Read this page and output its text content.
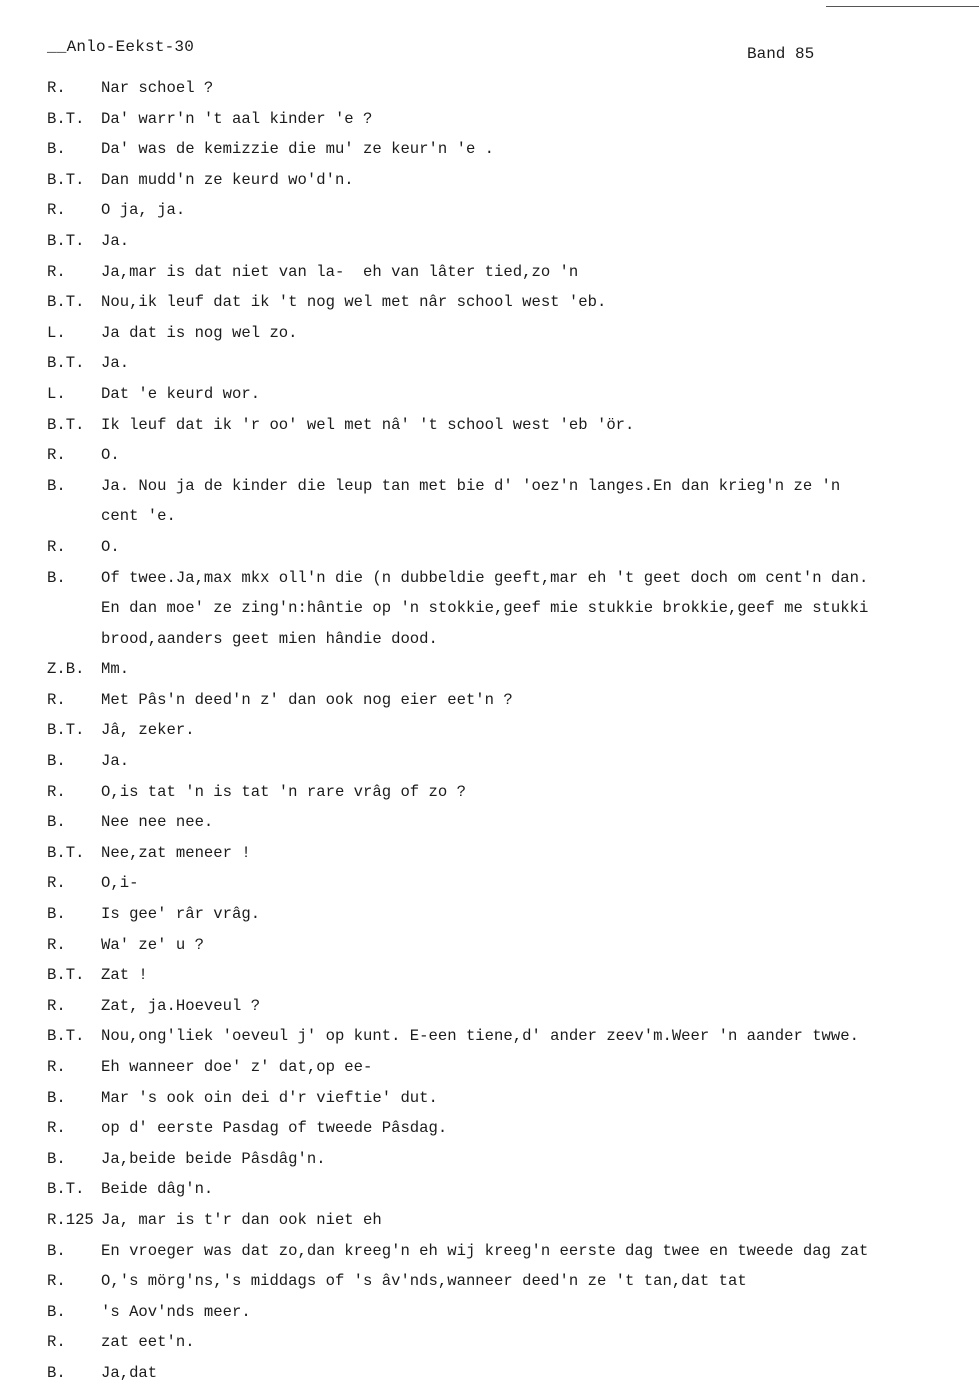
__Anlo-Eekst-30	Band 85
R. Nar schoel ?
B.T. Da' warr'n 't aal kinder 'e ?
B. Da' was de kemizzie die mu' ze keur'n 'e .
B.T. Dan mudd'n ze keurd wo'd'n.
R. O ja, ja.
B.T. Ja.
R. Ja,mar is dat niet van la-  eh van lâter tied,zo 'n
B.T. Nou,ik leuf dat ik 't nog wel met nâr school west 'eb.
L. Ja dat is nog wel zo.
B.T. Ja.
L. Dat 'e keurd wor.
B.T. Ik leuf dat ik 'r oo' wel met nâ' 't school west 'eb 'ör.
R. O.
B. Ja. Nou ja de kinder die leup tan met bie d' 'oez'n langes.En dan krieg'n ze 'n
cent 'e.
R. O.
B. Of twee.Ja,max mkx oll'n die (n dubbeldie geeft,mar eh 't geet doch om cent'n dan.
En dan moe' ze zing'n:hântie op 'n stokkie,geef mie stukkie brokkie,geef me stukki
brood,aanders geet mien hândie dood.
Z.B. Mm.
R. Met Pâs'n deed'n z' dan ook nog eier eet'n ?
B.T. Jâ, zeker.
B. Ja.
R. O,is tat 'n is tat 'n rare vrâg of zo ?
B. Nee nee nee.
B.T. Nee,zat meneer !
R. O,i-
B. Is gee' râr vrâg.
R. Wa' ze' u ?
B.T. Zat !
R. Zat, ja.Hoeveul ?
B.T. Nou,ong'liek 'oeveul j' op kunt. E-een tiene,d' ander zeev'm.Weer 'n aander twwe.
R. Eh wanneer doe' z' dat,op ee-
B. Mar 's ook oin dei d'r vieftie' dut.
R. op d' eerste Pasdag of tweede Pâsdag.
B. Ja,beide beide Pâsdâg'n.
B.T. Beide dâg'n.
R.125 Ja, mar is t'r dan ook niet eh
B. En vroeger was dat zo,dan kreeg'n eh wij kreeg'n eerste dag twee en tweede dag zat
R. O,'s mörg'ns,'s middags of 's âv'nds,wanneer deed'n ze 't tan,dat tat
B. 's Aov'nds meer.
R. zat eet'n.
B. Ja,dat
